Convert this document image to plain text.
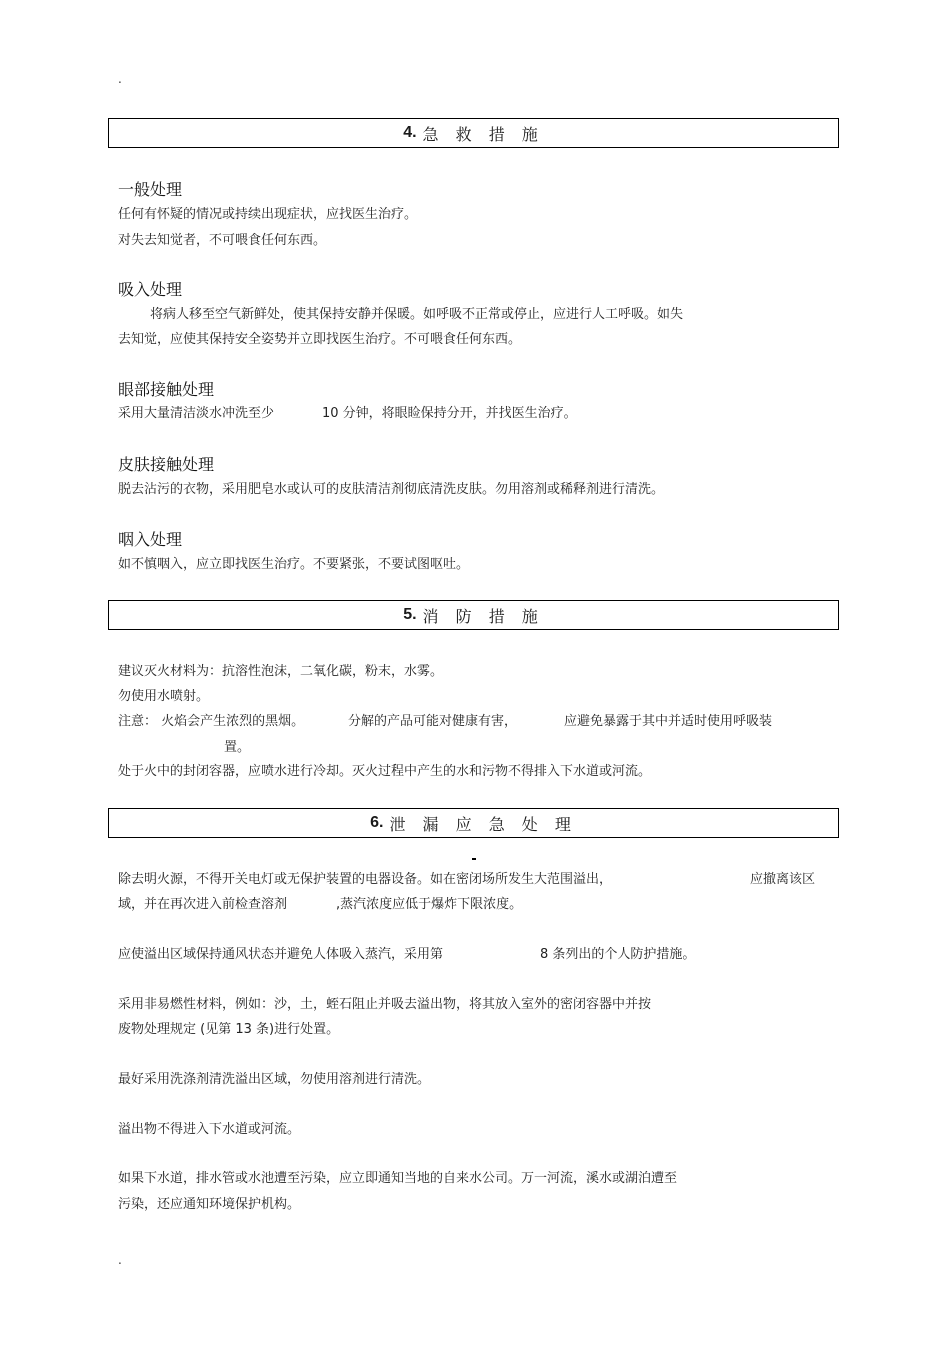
.
4. 急 救 措 施
一般处理
任何有怀疑的情况或持续出现症状，应找医生治疗。
对失去知觉者，不可喂食任何东西。
吸入处理
将病人移至空气新鲜处，使其保持安静并保暖。如呼吸不正常或停止，应进行人工呼吸。如失
去知觉，应使其保持安全姿势并立即找医生治疗。不可喂食任何东西。
眼部接触处理
采用大量清洁淡水冲洗至少	10 分钟，将眼睑保持分开，并找医生治疗。
皮肤接触处理
脱去沾污的衣物，采用肥皂水或认可的皮肤清洁剂彻底清洗皮肤。勿用溶剂或稀释剂进行清洗。
咽入处理
如不慎咽入，应立即找医生治疗。不要紧张，不要试图呕吐。
5. 消 防 措 施
建议灭火材料为：抗溶性泡沫，二氧化碳，粉末，水雾。
勿使用水喷射。
注意： 火焰会产生浓烈的黑烟。	分解的产品可能对健康有害，	应避免暴露于其中并适时使用呼吸装
置。
处于火中的封闭容器，应喷水进行冷却。灭火过程中产生的水和污物不得排入下水道或河流。
6. 泄 漏 应 急 处 理
除去明火源，不得开关电灯或无保护装置的电器设备。如在密闭场所发生大范围溢出，	应撤离该区
域，并在再次进入前检查溶剂	,蒸汽浓度应低于爆炸下限浓度。
应使溢出区域保持通风状态并避免人体吸入蒸汽，采用第	8 条列出的个人防护措施。
采用非易燃性材料，例如：沙，土，蛭石阻止并吸去溢出物，将其放入室外的密闭容器中并按
废物处理规定 (见第 13 条)进行处置。
最好采用洗涤剂清洗溢出区域，勿使用溶剂进行清洗。
溢出物不得进入下水道或河流。
如果下水道，排水管或水池遭至污染，应立即通知当地的自来水公司。万一河流，溪水或湖泊遭至
污染，还应通知环境保护机构。
.
